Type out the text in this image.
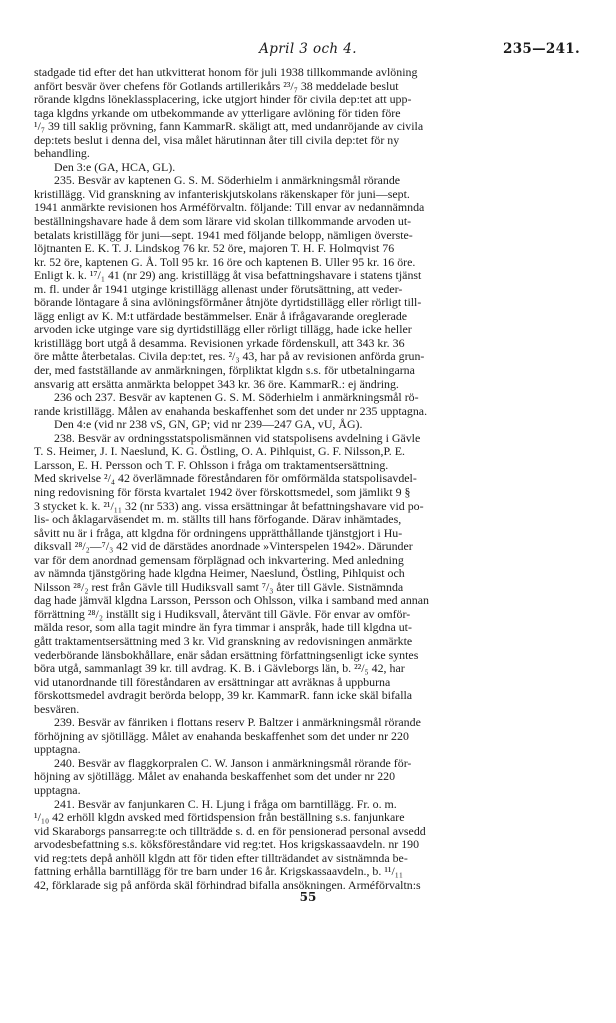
April 3 och 4.	235—241.
stadgade tid efter det han utkvitterat honom för juli 1938 tillkommande avlöning
anfört besvär över chefens för Gotlands artillerikårs ²³/₇ 38 meddelade beslut
rörande klgdns löneklassplacering, icke utgjort hinder för civila dep:tet att upp-
taga klgdns yrkande om utbekommande av ytterligare avlöning för tiden före
¹/₇ 39 till saklig prövning, fann KammarR. skäligt att, med undanröjande av civila
dep:tets beslut i denna del, visa målet härutinnan åter till civila dep:tet för ny
behandling.
Den 3:e (GA, HCA, GL).
235. Besvär av kaptenen G. S. M. Söderhielm i anmärkningsmål rörande
kristillägg. Vid granskning av infanteriskjutskolans räkenskaper för juni—sept.
1941 anmärkte revisionen hos Arméförvaltn. följande: Till envar av nedannämnda
beställningshavare hade å dem som lärare vid skolan tillkommande arvoden ut-
betalats kristillägg för juni—sept. 1941 med följande belopp, nämligen överste-
löjtnanten E. K. T. J. Lindskog 76 kr. 52 öre, majoren T. H. F. Holmqvist 76
kr. 52 öre, kaptenen G. Å. Toll 95 kr. 16 öre och kaptenen B. Uller 95 kr. 16 öre.
Enligt k. k. ¹⁷/₁ 41 (nr 29) ang. kristillägg åt visa befattningshavare i statens tjänst
m. fl. under år 1941 utginge kristillägg allenast under förutsättning, att veder-
börande löntagare å sina avlöningsförmåner åtnjöte dyrtidstillägg eller rörligt till-
lägg enligt av K. M:t utfärdade bestämmelser. Enär å ifrågavarande oreglerade
arvoden icke utginge vare sig dyrtidstillägg eller rörligt tillägg, hade icke heller
kristillägg bort utgå å desamma. Revisionen yrkade fördenskull, att 343 kr. 36
öre måtte återbetalas. Civila dep:tet, res. ²/₃ 43, har på av revisionen anförda grun-
der, med fastställande av anmärkningen, förpliktat klgdn s.s. för utbetalningarna
ansvarig att ersätta anmärkta beloppet 343 kr. 36 öre. KammarR.: ej ändring.
236 och 237. Besvär av kaptenen G. S. M. Söderhielm i anmärkningsmål rö-
rande kristillägg. Målen av enahanda beskaffenhet som det under nr 235 upptagna.
Den 4:e (vid nr 238 vS, GN, GP; vid nr 239—247 GA, vU, ÅG).
238. Besvär av ordningsstatspolismännen vid statspolisens avdelning i Gävle
T. S. Heimer, J. I. Naeslund, K. G. Östling, O. A. Pihlquist, G. F. Nilsson,P. E.
Larsson, E. H. Persson och T. F. Ohlsson i fråga om traktamentsersättning.
Med skrivelse ²/₄ 42 överlämnade föreståndaren för omförmälda statspolisavdel-
ning redovisning för första kvartalet 1942 över förskottsmedel, som jämlikt 9 §
3 stycket k. k. ²¹/₁₁ 32 (nr 533) ang. vissa ersättningar åt befattningshavare vid po-
lis- och åklagarväsendet m. m. ställts till hans förfogande. Därav inhämtades,
såvitt nu är i fråga, att klgdna för ordningens upprätthållande tjänstgjort i Hu-
diksvall ²⁸/₂—⁷/₃ 42 vid de därstädes anordnade »Vinterspelen 1942». Därunder
var för dem anordnad gemensam förplägnad och inkvartering. Med anledning
av nämnda tjänstgöring hade klgdna Heimer, Naeslund, Östling, Pihlquist och
Nilsson ²⁸/₂ rest från Gävle till Hudiksvall samt ⁷/₃ åter till Gävle. Sistnämnda
dag hade jämväl klgdna Larsson, Persson och Ohlsson, vilka i samband med annan
förrättning ²⁸/₂ inställt sig i Hudiksvall, återvänt till Gävle. För envar av omför-
mälda resor, som alla tagit mindre än fyra timmar i anspråk, hade till klgdna ut-
gått traktamentsersättning med 3 kr. Vid granskning av redovisningen anmärkte
vederbörande länsbokhållare, enär sådan ersättning författningsenligt icke syntes
böra utgå, sammanlagt 39 kr. till avdrag. K. B. i Gävleborgs län, b. ²²/₅ 42, har
vid utanordnande till föreståndaren av ersättningar att avräknas å uppburna
förskottsmedel avdragit berörda belopp, 39 kr. KammarR. fann icke skäl bifalla
besvären.
239. Besvär av fänriken i flottans reserv P. Baltzer i anmärkningsmål rörande
förhöjning av sjötillägg. Målet av enahanda beskaffenhet som det under nr 220
upptagna.
240. Besvär av flaggkorpralen C. W. Janson i anmärkningsmål rörande för-
höjning av sjötillägg. Målet av enahanda beskaffenhet som det under nr 220
upptagna.
241. Besvär av fanjunkaren C. H. Ljung i fråga om barntillägg. Fr. o. m.
¹/₁₀ 42 erhöll klgdn avsked med förtidspension från beställning s.s. fanjunkare
vid Skaraborgs pansarreg:te och tillträdde s. d. en för pensionerad personal avsedd
arvodesbefattning s.s. köksföreståndare vid reg:tet. Hos krigskassaavdeln. nr 190
vid reg:tets depå anhöll klgdn att för tiden efter tillträdandet av sistnämnda be-
fattning erhålla barntillägg för tre barn under 16 år. Krigskassaavdeln., b. ¹¹/₁₁
42, förklarade sig på anförda skäl förhindrad bifalla ansökningen. Arméförvaltn:s
55
